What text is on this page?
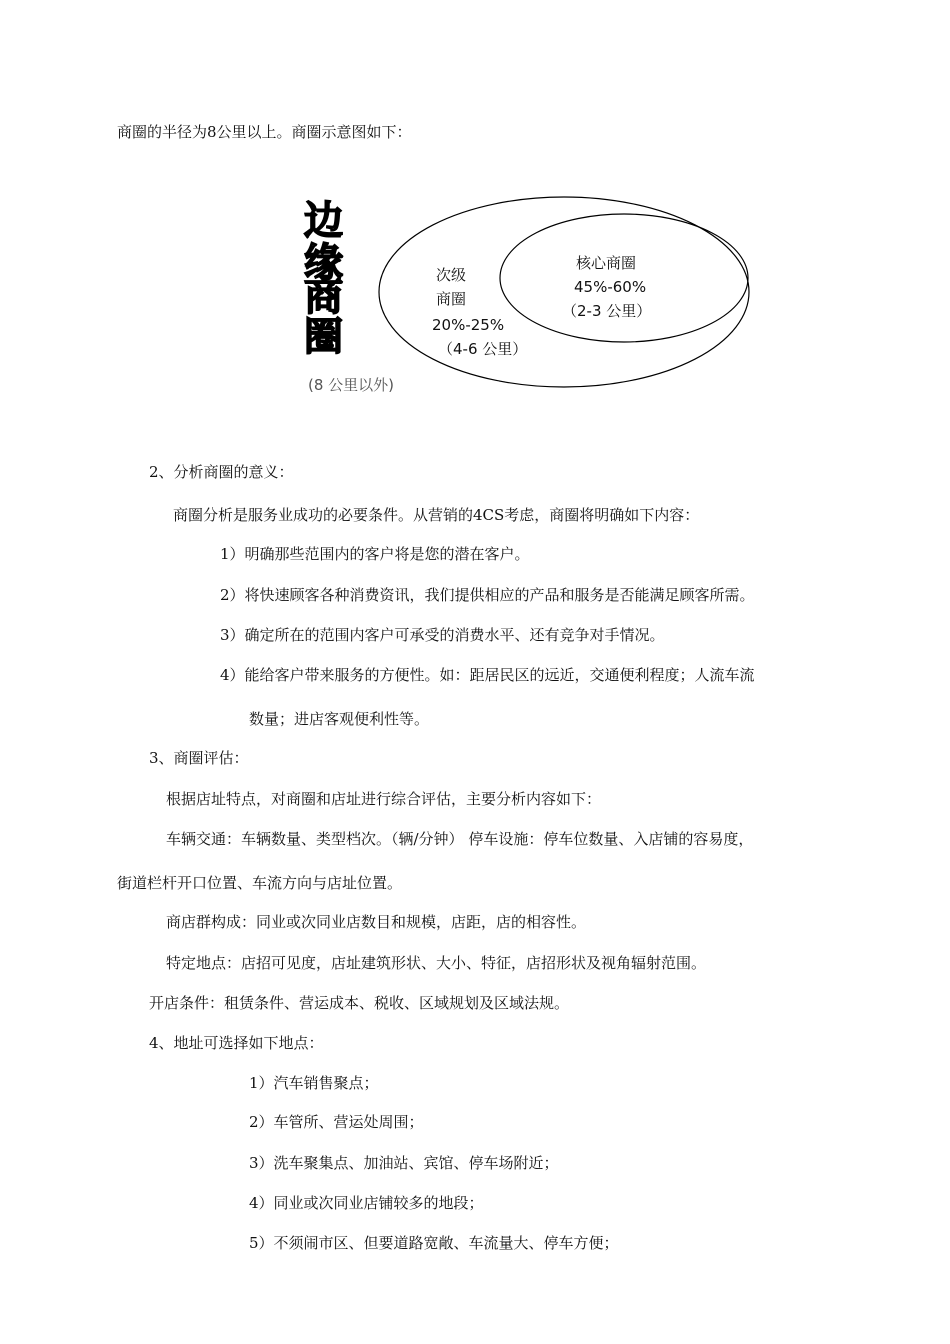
商圈的半径为8公里以上。商圈示意图如下：
边
缘
商
圈
(8 公里以外)
次级
商圈
20%-25%
（4-6 公里）
核心商圈
45%-60%
（2-3 公里）
2、分析商圈的意义：
商圈分析是服务业成功的必要条件。从营销的4CS考虑，商圈将明确如下内容：
1）明确那些范围内的客户将是您的潜在客户。
2）将快速顾客各种消费资讯，我们提供相应的产品和服务是否能满足顾客所需。
3）确定所在的范围内客户可承受的消费水平、还有竞争对手情况。
4）能给客户带来服务的方便性。如：距居民区的远近，交通便利程度；人流车流
数量；进店客观便利性等。
3、商圈评估：
根据店址特点，对商圈和店址进行综合评估，主要分析内容如下：
车辆交通：车辆数量、类型档次。（辆/分钟） 停车设施：停车位数量、入店铺的容易度，
街道栏杆开口位置、车流方向与店址位置。
商店群构成：同业或次同业店数目和规模，店距，店的相容性。
特定地点：店招可见度，店址建筑形状、大小、特征，店招形状及视角辐射范围。
开店条件：租赁条件、营运成本、税收、区域规划及区域法规。
4、地址可选择如下地点：
1）汽车销售聚点；
2）车管所、营运处周围；
3）洗车聚集点、加油站、宾馆、停车场附近；
4）同业或次同业店铺较多的地段；
5）不须闹市区、但要道路宽敞、车流量大、停车方便；
